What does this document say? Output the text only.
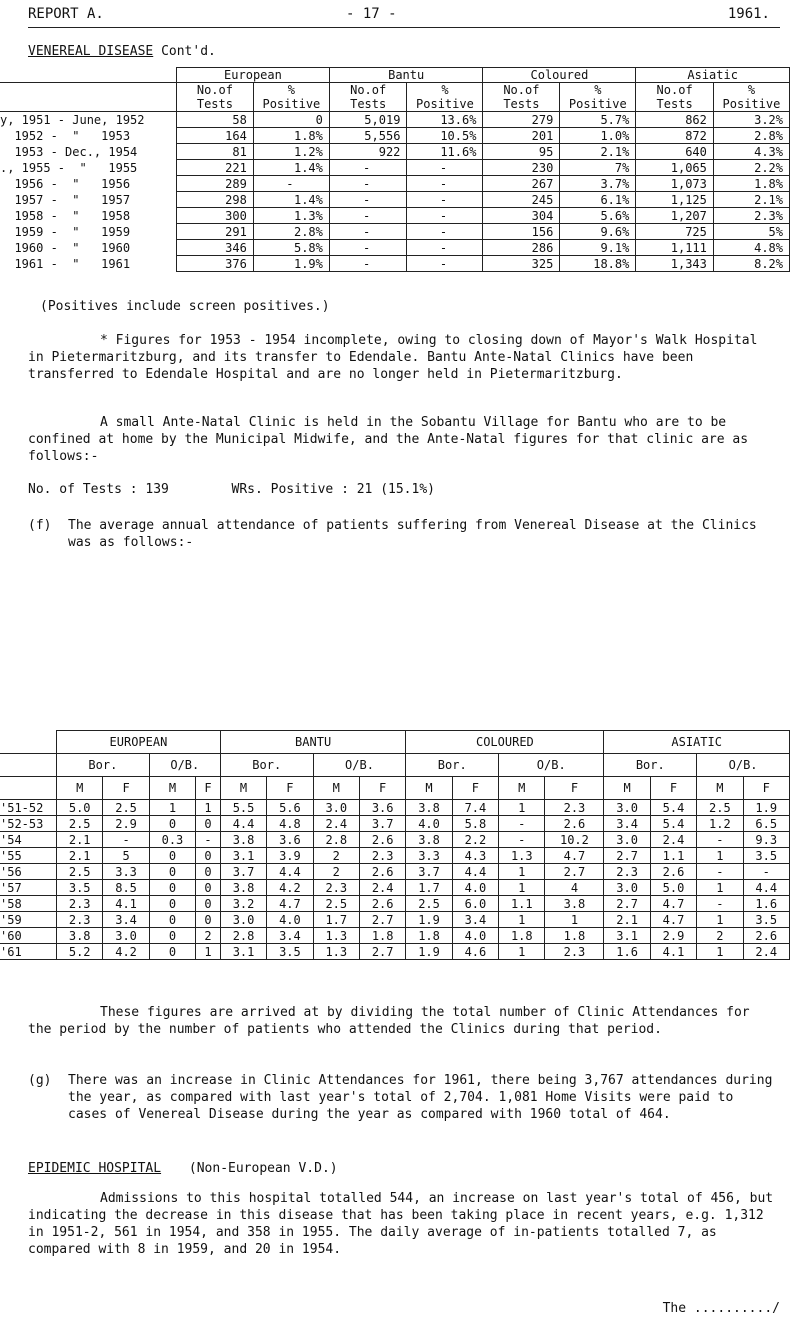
REPORT A.	- 17 -	1961.
VENEREAL DISEASE Cont'd.
	European		Bantu		Coloured		Asiatic	
	No.of Tests	% Positive	No.of Tests	% Positive	No.of Tests	% Positive	No.of Tests	% Positive
y, 1951 - June, 1952	58	0	5,019	13.6%	279	5.7%	862	3.2%
1952 -  "   1953	164	1.8%	5,556	10.5%	201	1.0%	872	2.8%
1953 - Dec., 1954	81	1.2%	922	11.6%	95	2.1%	640	4.3%
., 1955 -  "   1955	221	1.4%	-	-	230	7%	1,065	2.2%
1956 -  "   1956	289	-	-	-	267	3.7%	1,073	1.8%
1957 -  "   1957	298	1.4%	-	-	245	6.1%	1,125	2.1%
1958 -  "   1958	300	1.3%	-	-	304	5.6%	1,207	2.3%
1959 -  "   1959	291	2.8%	-	-	156	9.6%	725	5%
1960 -  "   1960	346	5.8%	-	-	286	9.1%	1,111	4.8%
1961 -  "   1961	376	1.9%	-	-	325	18.8%	1,343	8.2%

(Positives include screen positives.)

* Figures for 1953 - 1954 incomplete, owing to closing down of Mayor's Walk Hospital in Pietermaritzburg, and its transfer to Edendale. Bantu Ante-Natal Clinics have been transferred to Edendale Hospital and are no longer held in Pietermaritzburg.

A small Ante-Natal Clinic is held in the Sobantu Village for Bantu who are to be confined at home by the Municipal Midwife, and the Ante-Natal figures for that clinic are as follows:-

No. of Tests : 139        WRs. Positive : 21 (15.1%)

(f)	The average annual attendance of patients suffering from Venereal Disease at the Clinics was as follows:-

	EUROPEAN				BANTU				COLOURED				ASIATIC			
	Bor.		O/B.		Bor.		O/B.		Bor.		O/B.		Bor.		O/B.	
	M	F	M	F	M	F	M	F	M	F	M	F	M	F	M	F
'51-52	5.0	2.5	1	1	5.5	5.6	3.0	3.6	3.8	7.4	1	2.3	3.0	5.4	2.5	1.9
'52-53	2.5	2.9	0	0	4.4	4.8	2.4	3.7	4.0	5.8	-	2.6	3.4	5.4	1.2	6.5
'54	2.1	-	0.3	-	3.8	3.6	2.8	2.6	3.8	2.2	-	10.2	3.0	2.4	-	9.3
'55	2.1	5	0	0	3.1	3.9	2	2.3	3.3	4.3	1.3	4.7	2.7	1.1	1	3.5
'56	2.5	3.3	0	0	3.7	4.4	2	2.6	3.7	4.4	1	2.7	2.3	2.6	-	-
'57	3.5	8.5	0	0	3.8	4.2	2.3	2.4	1.7	4.0	1	4	3.0	5.0	1	4.4
'58	2.3	4.1	0	0	3.2	4.7	2.5	2.6	2.5	6.0	1.1	3.8	2.7	4.7	-	1.6
'59	2.3	3.4	0	0	3.0	4.0	1.7	2.7	1.9	3.4	1	1	2.1	4.7	1	3.5
'60	3.8	3.0	0	2	2.8	3.4	1.3	1.8	1.8	4.0	1.8	1.8	3.1	2.9	2	2.6
'61	5.2	4.2	0	1	3.1	3.5	1.3	2.7	1.9	4.6	1	2.3	1.6	4.1	1	2.4

These figures are arrived at by dividing the total number of Clinic Attendances for the period by the number of patients who attended the Clinics during that period.

(g)	There was an increase in Clinic Attendances for 1961, there being 3,767 attendances during the year, as compared with last year's total of 2,704. 1,081 Home Visits were paid to cases of Venereal Disease during the year as compared with 1960 total of 464.

EPIDEMIC HOSPITAL (Non-European V.D.)

Admissions to this hospital totalled 544, an increase on last year's total of 456, but indicating the decrease in this disease that has been taking place in recent years, e.g. 1,312 in 1951-2, 561 in 1954, and 358 in 1955. The daily average of in-patients totalled 7, as compared with 8 in 1959, and 20 in 1954.

The ........../
